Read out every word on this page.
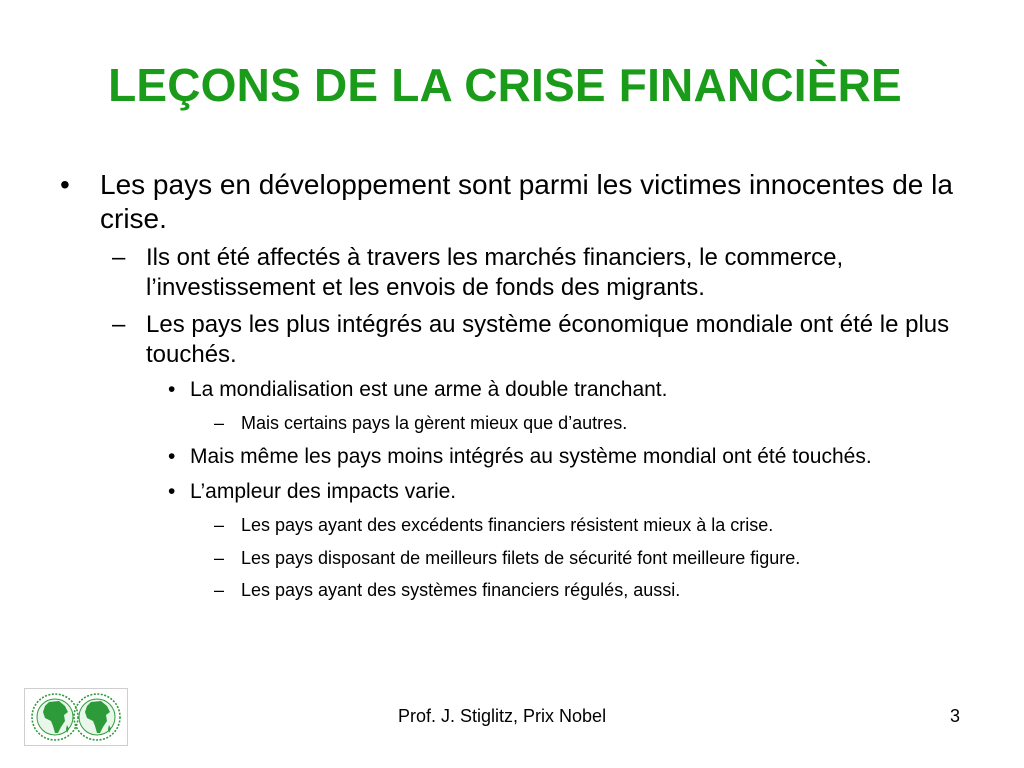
LEÇONS DE LA CRISE FINANCIÈRE
• Les pays en développement sont parmi les victimes innocentes de la crise.
– Ils ont été affectés à travers les marchés financiers, le commerce, l’investissement et les envois de fonds des migrants.
– Les pays les plus intégrés au système économique mondiale ont été le plus touchés.
• La mondialisation est une arme à double tranchant.
– Mais certains pays la gèrent mieux que d’autres.
• Mais même les pays moins intégrés au système mondial ont été touchés.
• L’ampleur des impacts varie.
– Les pays ayant des excédents financiers résistent mieux à la crise.
– Les pays disposant de meilleurs filets de sécurité font meilleure figure.
– Les pays ayant des systèmes financiers régulés, aussi.
Prof. J. Stiglitz, Prix Nobel	3
